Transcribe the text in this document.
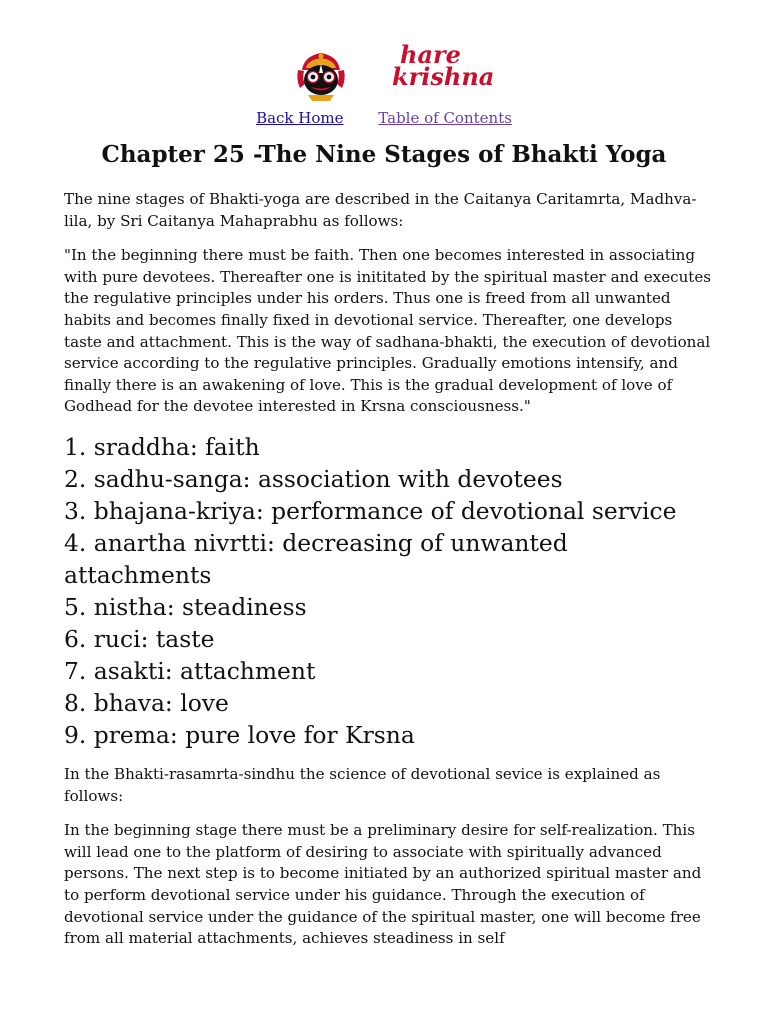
hare
krishna
Back Home Table of Contents
Chapter 25 -The Nine Stages of Bhakti Yoga

The nine stages of Bhakti-yoga are described in the Caitanya Caritamrta, Madhva-lila, by Sri Caitanya Mahaprabhu as follows:

"In the beginning there must be faith. Then one becomes interested in associating with pure devotees. Thereafter one is inititated by the spiritual master and executes the regulative principles under his orders. Thus one is freed from all unwanted habits and becomes finally fixed in devotional service. Thereafter, one develops taste and attachment. This is the way of sadhana-bhakti, the execution of devotional service according to the regulative principles. Gradually emotions intensify, and finally there is an awakening of love. This is the gradual development of love of Godhead for the devotee interested in Krsna consciousness."

1. sraddha: faith
2. sadhu-sanga: association with devotees
3. bhajana-kriya: performance of devotional service
4. anartha nivrtti: decreasing of unwanted attachments
5. nistha: steadiness
6. ruci: taste
7. asakti: attachment
8. bhava: love
9. prema: pure love for Krsna

In the Bhakti-rasamrta-sindhu the science of devotional sevice is explained as follows:

In the beginning stage there must be a preliminary desire for self-realization. This will lead one to the platform of desiring to associate with spiritually advanced persons. The next step is to become initiated by an authorized spiritual master and to perform devotional service under his guidance. Through the execution of devotional service under the guidance of the spiritual master, one will become free from all material attachments, achieves steadiness in self
